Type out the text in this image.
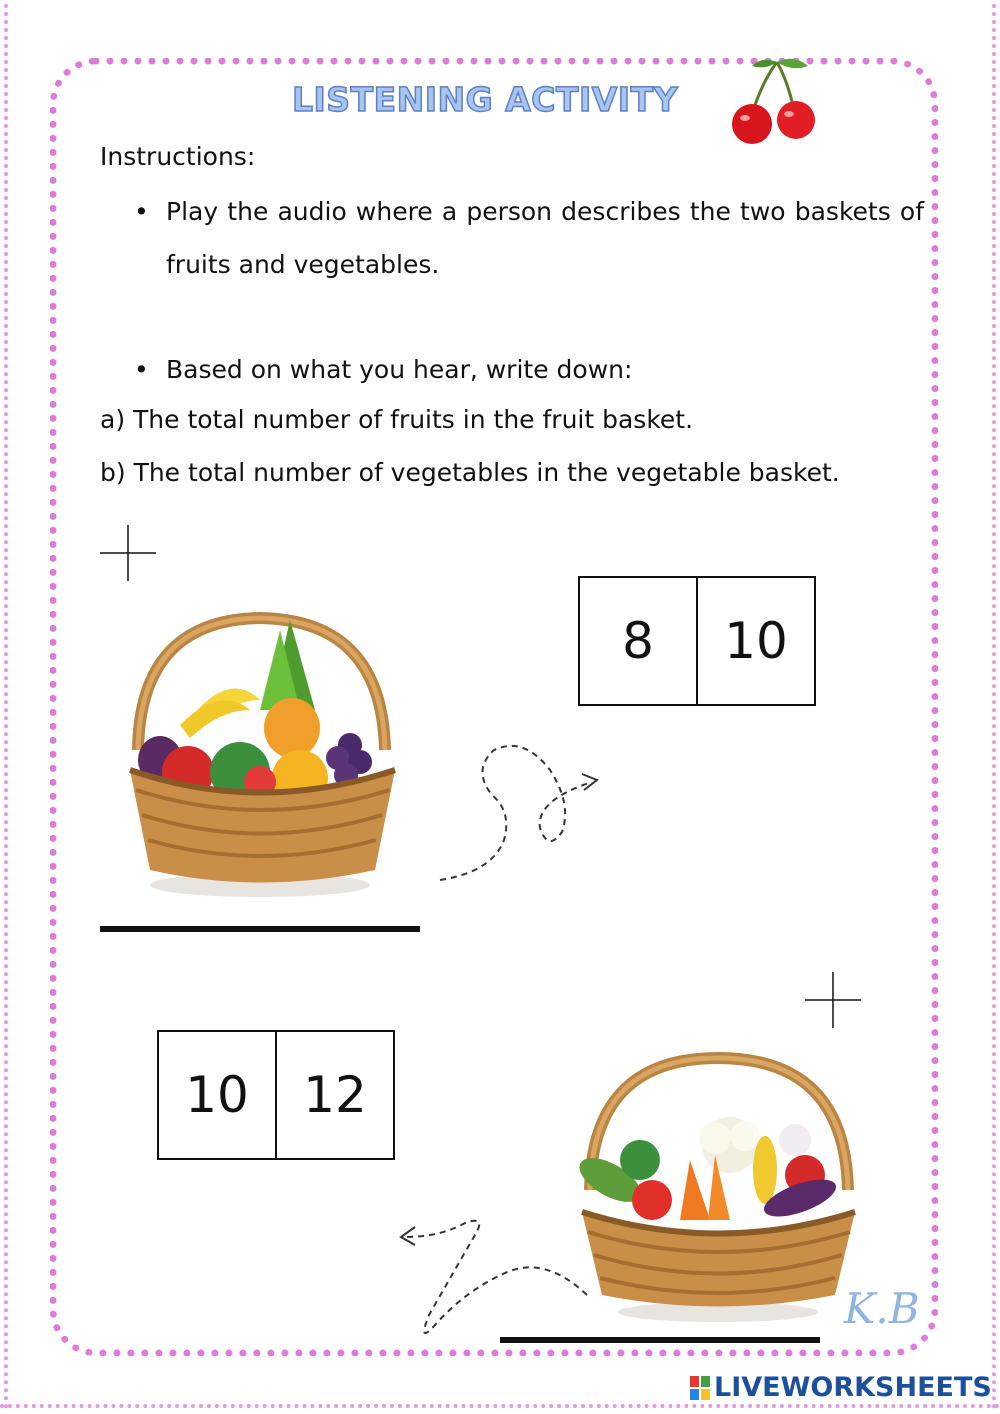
LISTENING ACTIVITY
Instructions:
• Play the audio where a person describes the two baskets of fruits and vegetables.
• Based on what you hear, write down:
a) The total number of fruits in the fruit basket.
b) The total number of vegetables in the vegetable basket.
8	10
10	12
K.B
LIVEWORKSHEETS
